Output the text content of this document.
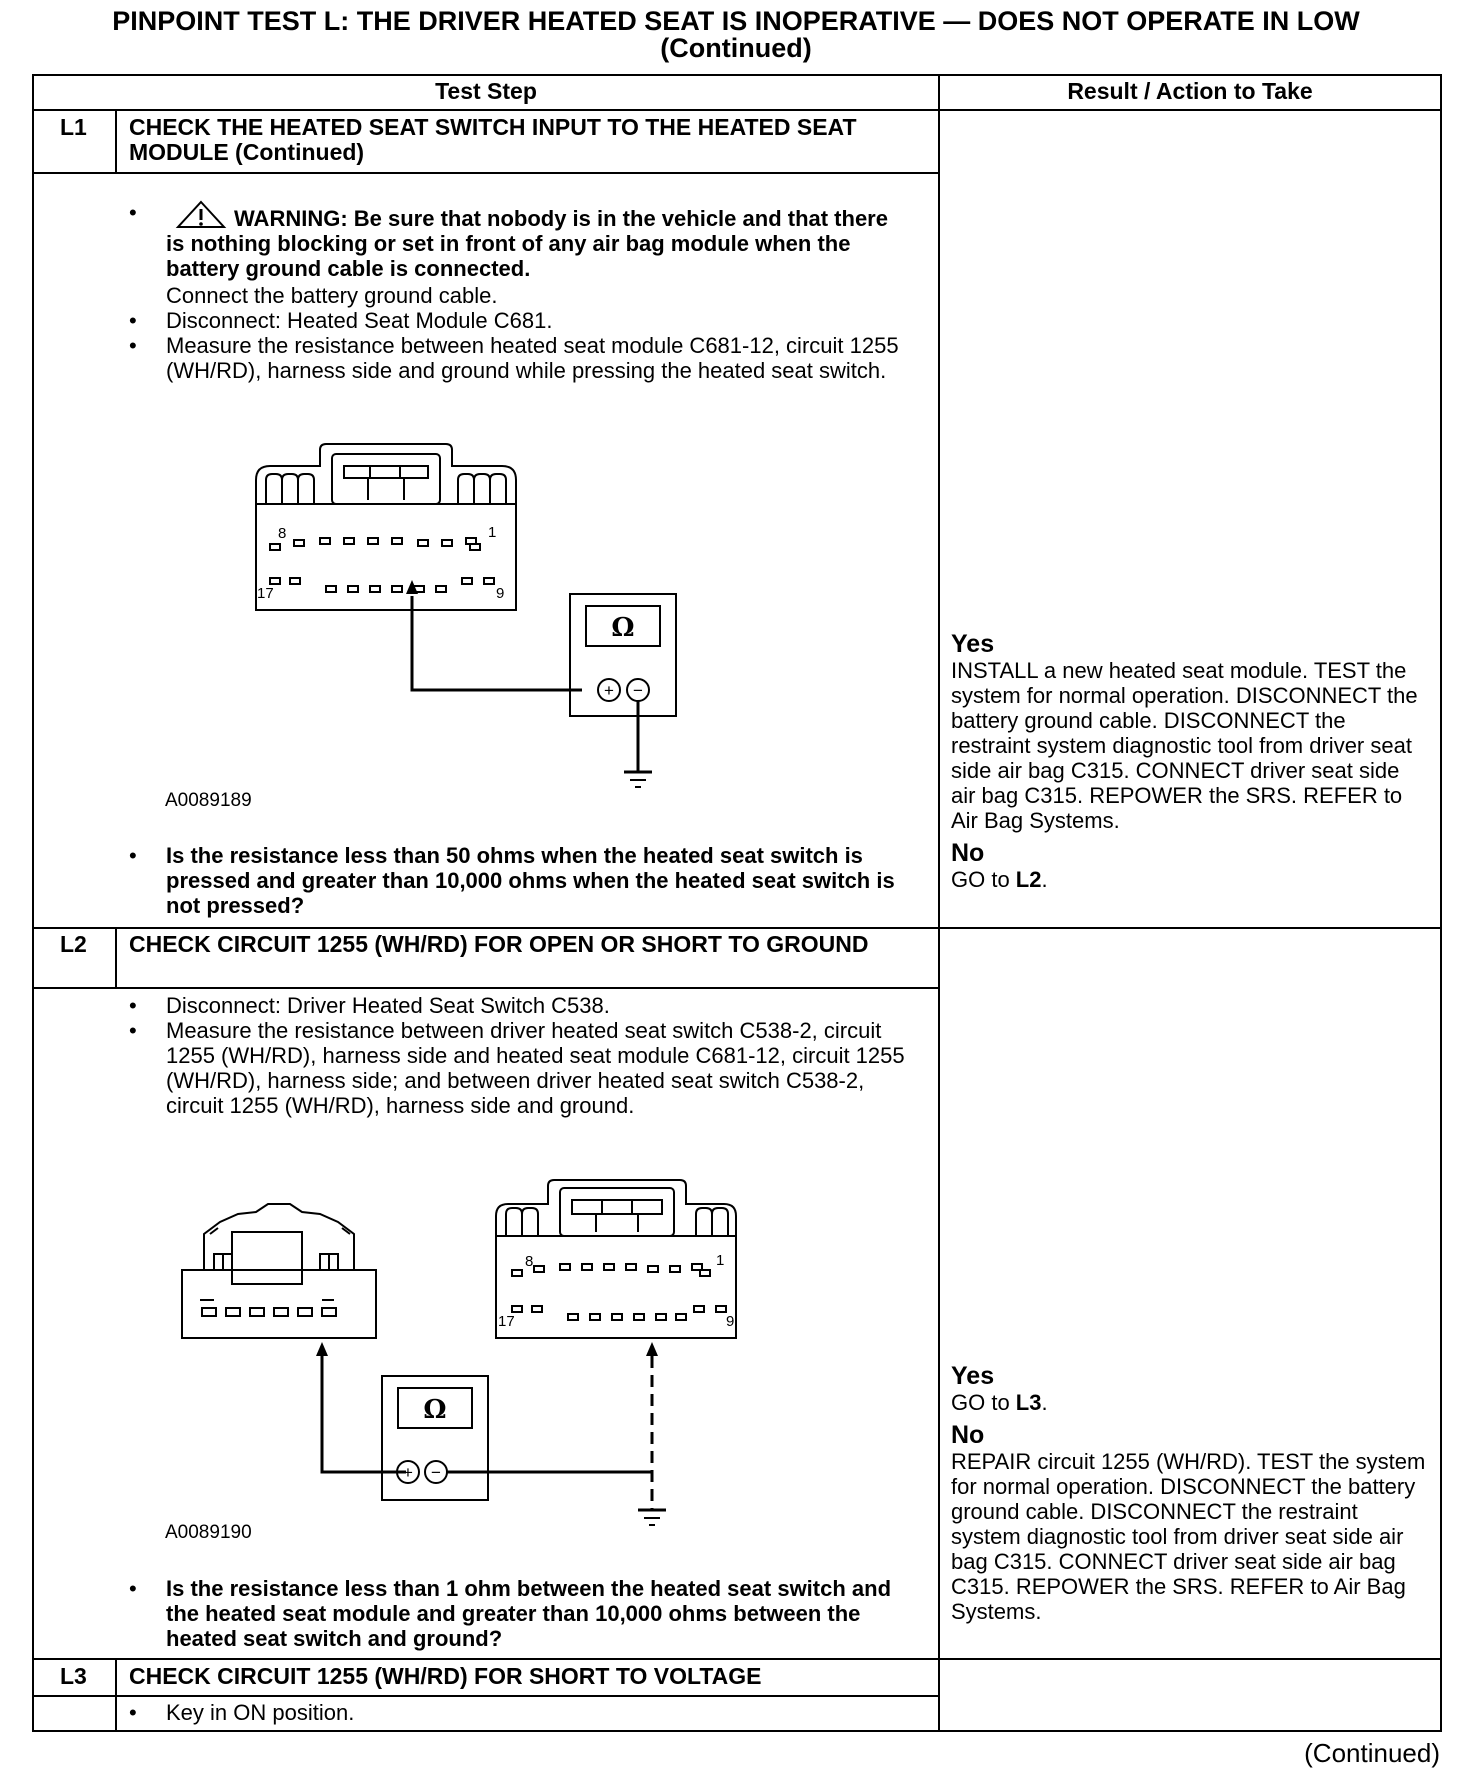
PINPOINT TEST L: THE DRIVER HEATED SEAT IS INOPERATIVE — DOES NOT OPERATE IN LOW
(Continued)
Test Step	Result / Action to Take
L1 CHECK THE HEATED SEAT SWITCH INPUT TO THE HEATED SEAT MODULE (Continued)
•	WARNING: Be sure that nobody is in the vehicle and that there is nothing blocking or set in front of any air bag module when the battery ground cable is connected.
Connect the battery ground cable.
•	Disconnect: Heated Seat Module C681.
•	Measure the resistance between heated seat module C681-12, circuit 1255 (WH/RD), harness side and ground while pressing the heated seat switch.
8	1
17	9
Ω
+ −
A0089189
•	Is the resistance less than 50 ohms when the heated seat switch is pressed and greater than 10,000 ohms when the heated seat switch is not pressed?
Yes
INSTALL a new heated seat module. TEST the system for normal operation. DISCONNECT the battery ground cable. DISCONNECT the restraint system diagnostic tool from driver seat side air bag C315. CONNECT driver seat side air bag C315. REPOWER the SRS. REFER to Air Bag Systems.
No
GO to L2.
L2 CHECK CIRCUIT 1255 (WH/RD) FOR OPEN OR SHORT TO GROUND
•	Disconnect: Driver Heated Seat Switch C538.
•	Measure the resistance between driver heated seat switch C538-2, circuit 1255 (WH/RD), harness side and heated seat module C681-12, circuit 1255 (WH/RD), harness side; and between driver heated seat switch C538-2, circuit 1255 (WH/RD), harness side and ground.
8	1
17	9
Ω
+ −
A0089190
•	Is the resistance less than 1 ohm between the heated seat switch and the heated seat module and greater than 10,000 ohms between the heated seat switch and ground?
Yes
GO to L3.
No
REPAIR circuit 1255 (WH/RD). TEST the system for normal operation. DISCONNECT the battery ground cable. DISCONNECT the restraint system diagnostic tool from driver seat side air bag C315. CONNECT driver seat side air bag C315. REPOWER the SRS. REFER to Air Bag Systems.
L3 CHECK CIRCUIT 1255 (WH/RD) FOR SHORT TO VOLTAGE
•	Key in ON position.
(Continued)
